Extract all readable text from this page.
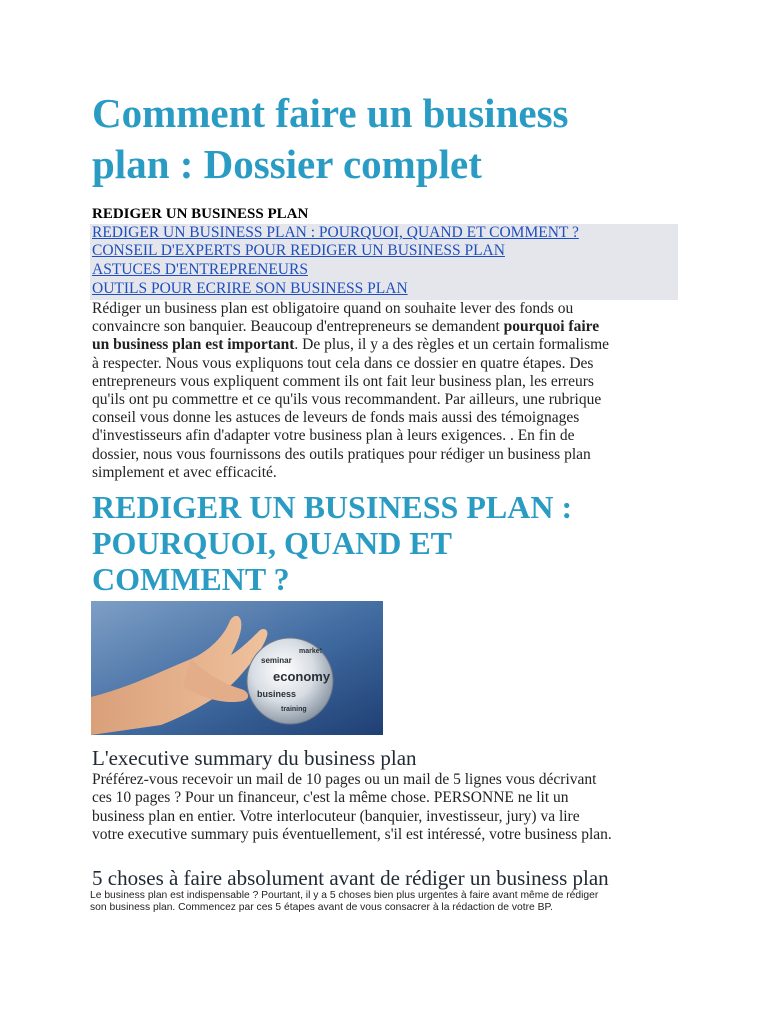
Comment faire un business
plan : Dossier complet
REDIGER UN BUSINESS PLAN
REDIGER UN BUSINESS PLAN : POURQUOI, QUAND ET COMMENT ?
CONSEIL D'EXPERTS POUR REDIGER UN BUSINESS PLAN
ASTUCES D'ENTREPRENEURS
OUTILS POUR ECRIRE SON BUSINESS PLAN

Rédiger un business plan est obligatoire quand on souhaite lever des fonds ou
convaincre son banquier. Beaucoup d'entrepreneurs se demandent pourquoi faire
un business plan est important. De plus, il y a des règles et un certain formalisme
à respecter. Nous vous expliquons tout cela dans ce dossier en quatre étapes. Des
entrepreneurs vous expliquent comment ils ont fait leur business plan, les erreurs
qu'ils ont pu commettre et ce qu'ils vous recommandent. Par ailleurs, une rubrique
conseil vous donne les astuces de leveurs de fonds mais aussi des témoignages
d'investisseurs afin d'adapter votre business plan à leurs exigences. . En fin de
dossier, nous vous fournissons des outils pratiques pour rédiger un business plan
simplement et avec efficacité.

REDIGER UN BUSINESS PLAN :
POURQUOI, QUAND ET
COMMENT ?
seminar
economy
business
training
market
L'executive summary du business plan

Préférez-vous recevoir un mail de 10 pages ou un mail de 5 lignes vous décrivant
ces 10 pages ? Pour un financeur, c'est la même chose. PERSONNE ne lit un
business plan en entier. Votre interlocuteur (banquier, investisseur, jury) va lire
votre executive summary puis éventuellement, s'il est intéressé, votre business plan.

5 choses à faire absolument avant de rédiger un business plan

Le business plan est indispensable ? Pourtant, il y a 5 choses bien plus urgentes à faire avant même de rédiger
son business plan. Commencez par ces 5 étapes avant de vous consacrer à la rédaction de votre BP.
